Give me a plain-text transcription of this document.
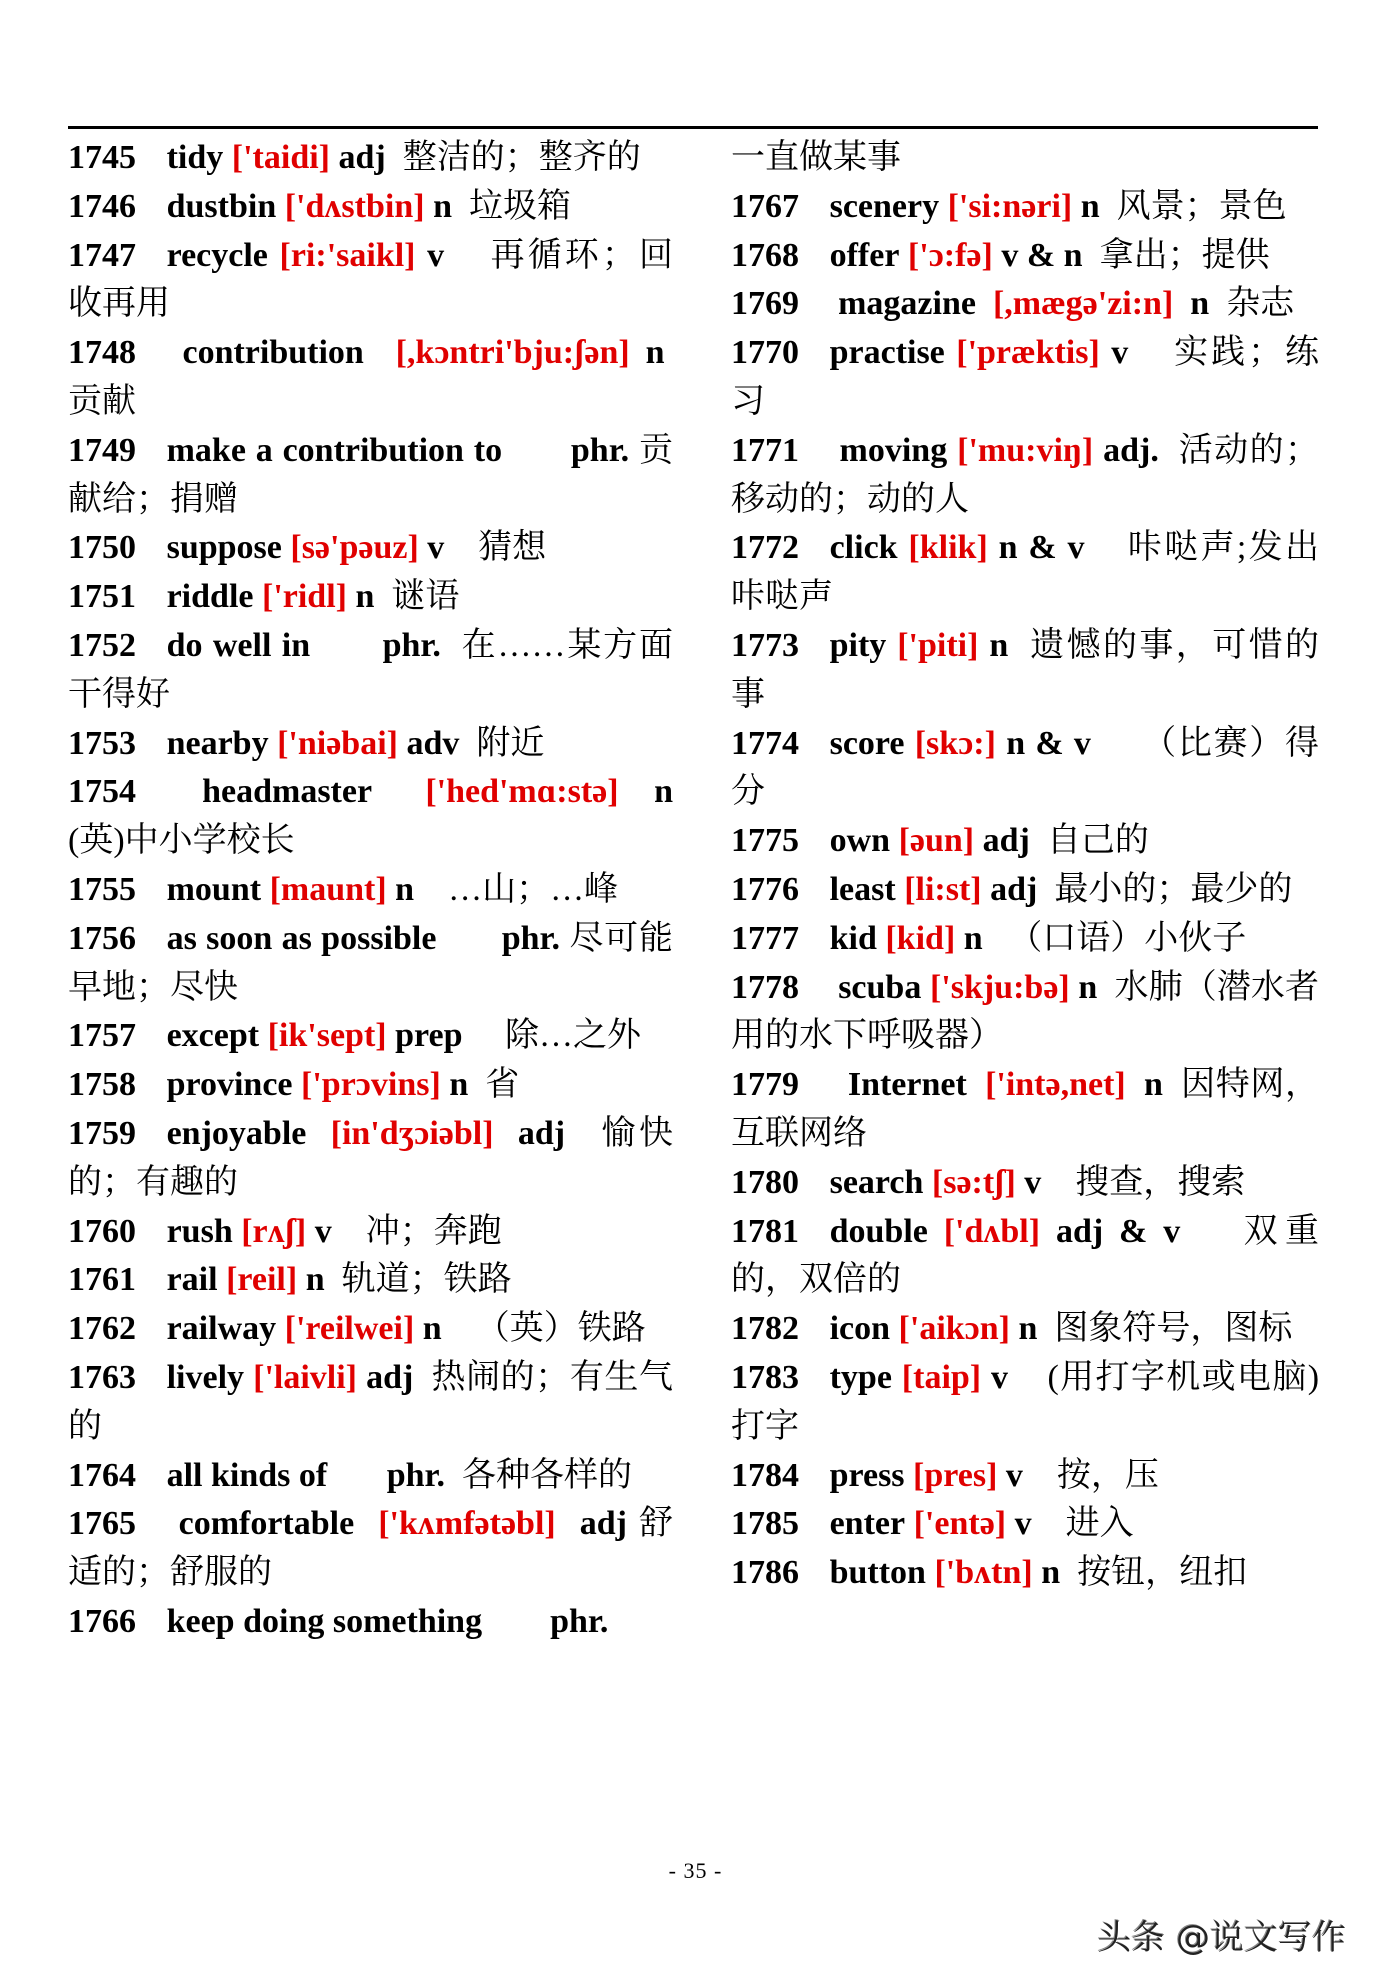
1745 tidy ['taidi] adj 整洁的；整齐的

1746 dustbin ['dʌstbin] n 垃圾箱

1747 recycle [ri:'saikl] v 再循环；回收再用

1748 contribution [,kɔntri'bju:ʃən] n  贡献

1749 make a contribution to phr. 贡献给；捐赠

1750 suppose [sə'pəuz] v 猜想

1751 riddle ['ridl] n 谜语

1752 do well in phr. 在……某方面干得好

1753 nearby ['niəbai] adv 附近

1754 headmaster ['hed'mɑ:stə] n (英)中小学校长

1755 mount [maunt] n …山；…峰

1756 as soon as possible phr. 尽可能早地；尽快

1757 except [ik'sept] prep 除…之外

1758 province ['prɔvins] n 省

1759 enjoyable [in'dʒɔiəbl] adj 愉快的；有趣的

1760 rush [rʌʃ] v 冲；奔跑

1761 rail [reil] n 轨道；铁路

1762 railway ['reilwei] n （英）铁路

1763 lively ['laivli] adj 热闹的；有生气的

1764 all kinds of phr. 各种各样的

1765 comfortable ['kʌmfətəbl] adj 舒适的；舒服的

1766 keep doing something phr.

一直做某事

1767 scenery ['si:nəri] n 风景；景色

1768 offer ['ɔ:fə] v & n 拿出；提供

1769 magazine [,mægə'zi:n] n 杂志

1770 practise ['præktis] v 实践；练习

1771 moving ['mu:viŋ] adj. 活动的；移动的；动的人

1772 click [klik] n & v 咔哒声;发出咔哒声

1773 pity ['piti] n 遗憾的事，可惜的事

1774 score [skɔ:] n & v （比赛）得分

1775 own [əun] adj 自己的

1776 least [li:st] adj 最小的；最少的

1777 kid [kid] n （口语）小伙子

1778 scuba ['skju:bə] n 水肺（潜水者用的水下呼吸器）

1779 Internet ['intə,net] n 因特网，互联网络

1780 search [sə:tʃ] v 搜查，搜索

1781 double ['dʌbl] adj & v 双重的，双倍的

1782 icon ['aikɔn] n 图象符号，图标

1783 type [taip] v (用打字机或电脑)打字

1784 press [pres] v 按，压

1785 enter ['entə] v 进入

1786 button ['bʌtn] n 按钮，纽扣

- 35 -
头条 @说文写作
